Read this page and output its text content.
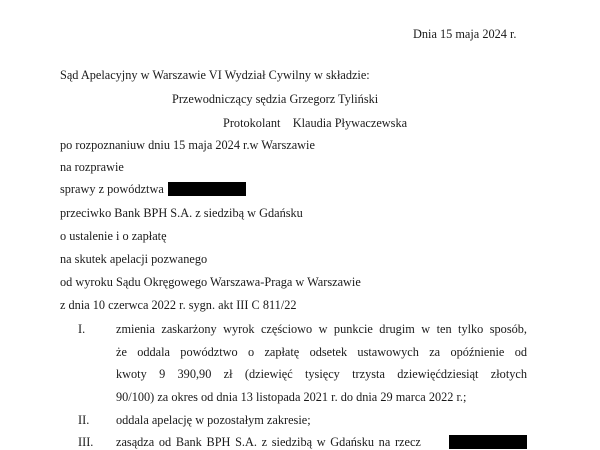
Dnia 15 maja 2024 r.
Sąd Apelacyjny w Warszawie VI Wydział Cywilny w składzie:
Przewodniczący sędzia Grzegorz Tyliński
Protokolant Klaudia Pływaczewska
po rozpoznaniuw dniu 15 maja 2024 r.w Warszawie
na rozprawie
sprawy z powództwa
przeciwko Bank BPH S.A. z siedzibą w Gdańsku
o ustalenie i o zapłatę
na skutek apelacji pozwanego
od wyroku Sądu Okręgowego Warszawa-Praga w Warszawie
z dnia 10 czerwca 2022 r. sygn. akt III C 811/22
I.	zmienia zaskarżony wyrok częściowo w punkcie drugim w ten tylko sposób,
że oddala powództwo o zapłatę odsetek ustawowych za opóźnienie od
kwoty 9 390,90 zł (dziewięć tysięcy trzysta dziewięćdziesiąt złotych
90/100) za okres od dnia 13 listopada 2021 r. do dnia 29 marca 2022 r.;
II.	oddala apelację w pozostałym zakresie;
III.	zasądza od Bank BPH S.A. z siedzibą w Gdańsku na rzecz
